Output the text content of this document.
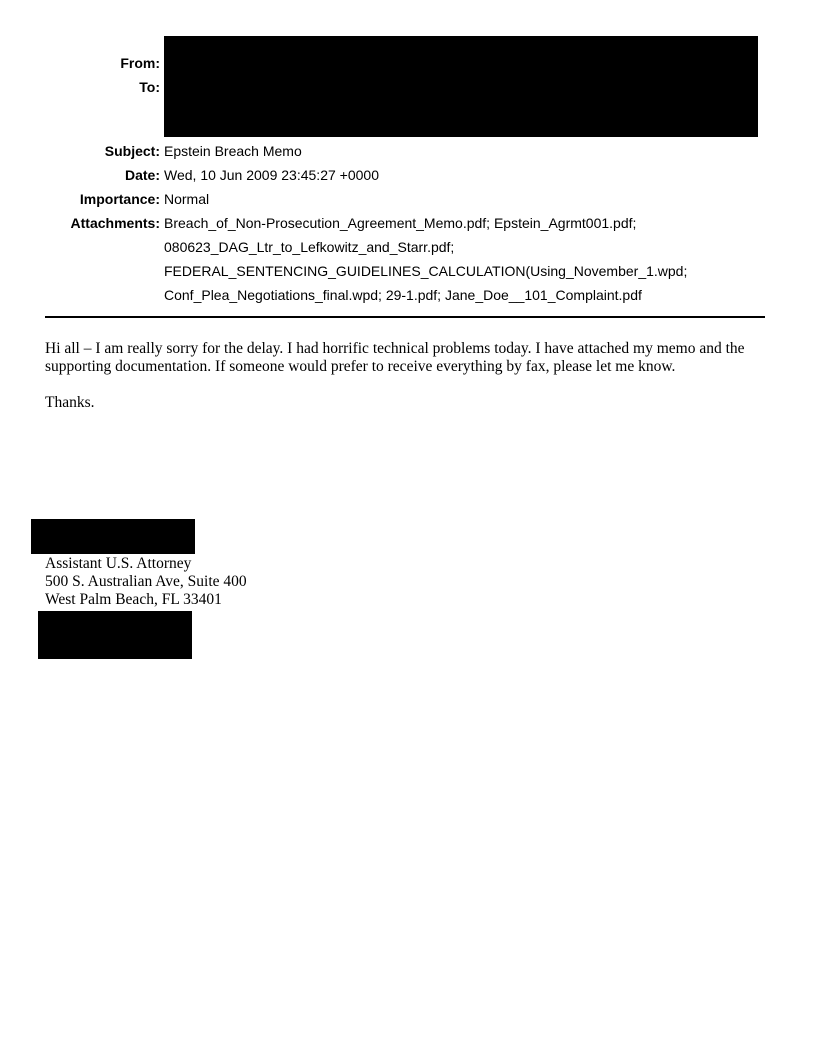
From:
To:
Subject: Epstein Breach Memo
Date: Wed, 10 Jun 2009 23:45:27 +0000
Importance: Normal
Attachments: Breach_of_Non-Prosecution_Agreement_Memo.pdf; Epstein_Agrmt001.pdf;
080623_DAG_Ltr_to_Lefkowitz_and_Starr.pdf;
FEDERAL_SENTENCING_GUIDELINES_CALCULATION(Using_November_1.wpd;
Conf_Plea_Negotiations_final.wpd; 29-1.pdf; Jane_Doe__101_Complaint.pdf
Hi all – I am really sorry for the delay. I had horrific technical problems today. I have attached my memo and the supporting documentation. If someone would prefer to receive everything by fax, please let me know.
Thanks.
Assistant U.S. Attorney
500 S. Australian Ave, Suite 400
West Palm Beach, FL 33401
